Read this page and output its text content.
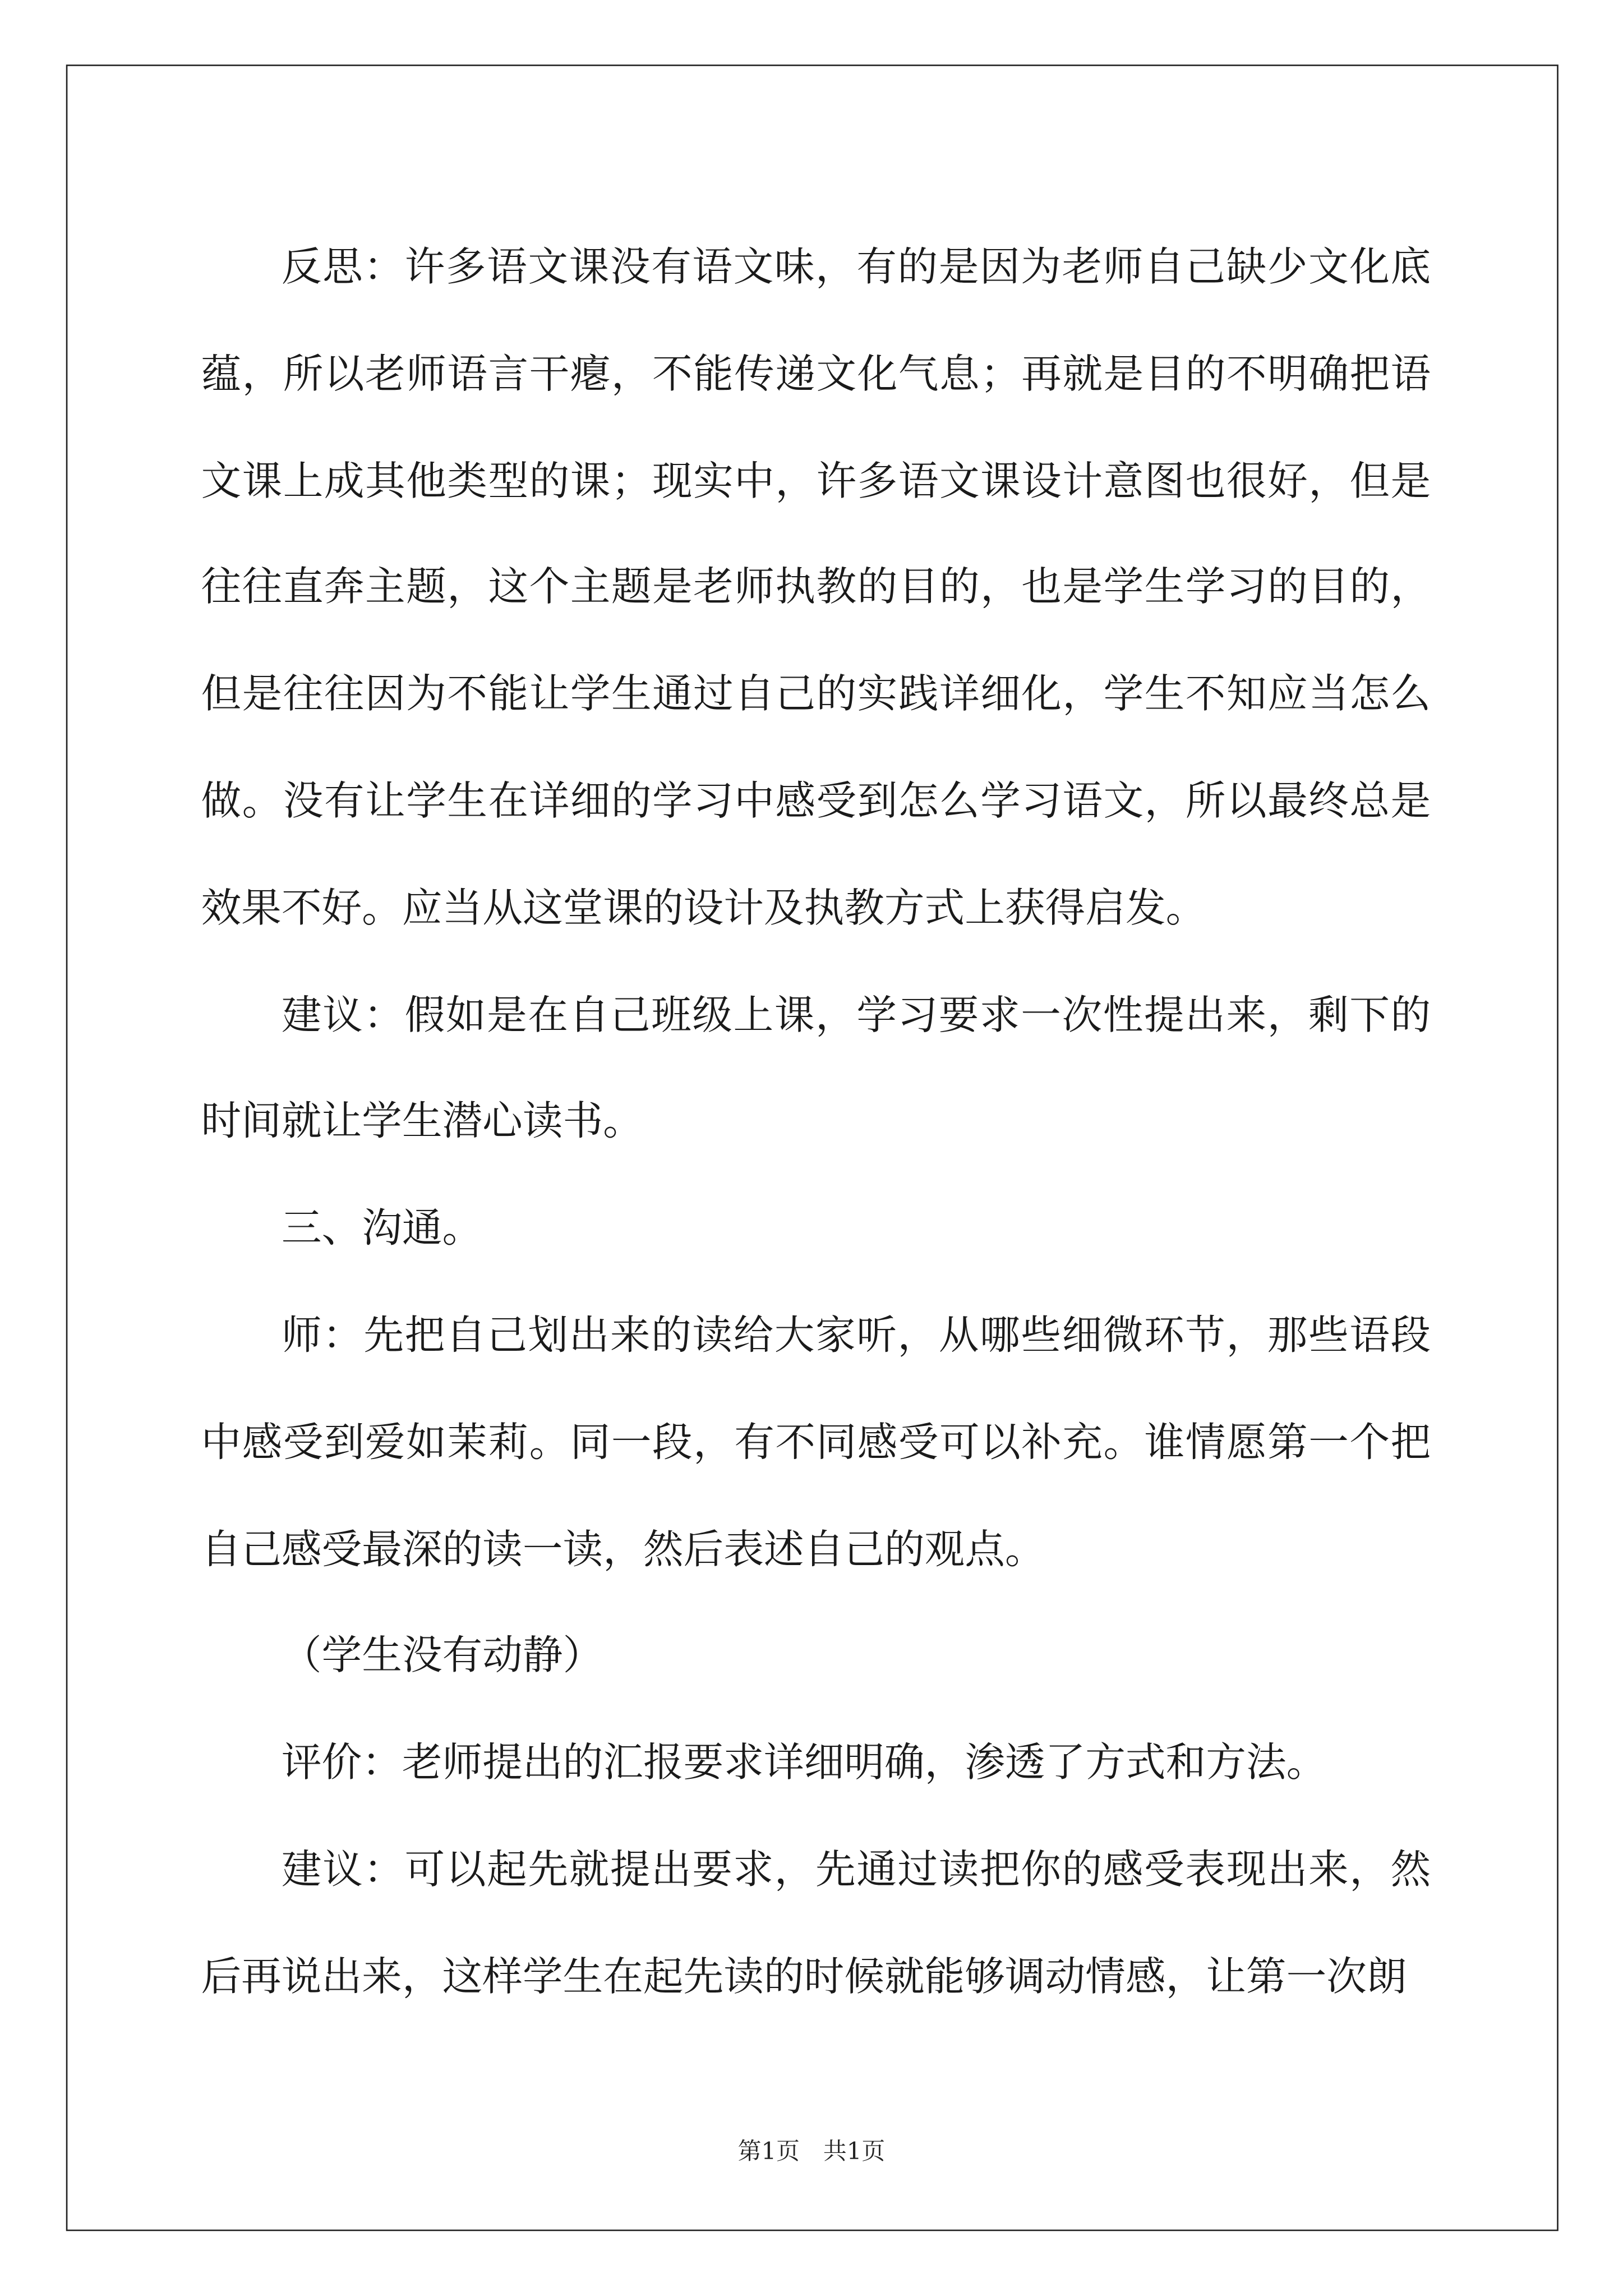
反思：许多语文课没有语文味，有的是因为老师自己缺少文化底蕴，所以老师语言干瘪，不能传递文化气息；再就是目的不明确把语文课上成其他类型的课；现实中，许多语文课设计意图也很好，但是往往直奔主题，这个主题是老师执教的目的，也是学生学习的目的，但是往往因为不能让学生通过自己的实践详细化，学生不知应当怎么做。没有让学生在详细的学习中感受到怎么学习语文，所以最终总是效果不好。应当从这堂课的设计及执教方式上获得启发。

建议：假如是在自己班级上课，学习要求一次性提出来，剩下的时间就让学生潜心读书。

三、沟通。

师：先把自己划出来的读给大家听，从哪些细微环节，那些语段中感受到爱如茉莉。同一段，有不同感受可以补充。谁情愿第一个把自己感受最深的读一读，然后表述自己的观点。

（学生没有动静）

评价：老师提出的汇报要求详细明确，渗透了方式和方法。

建议：可以起先就提出要求，先通过读把你的感受表现出来，然后再说出来，这样学生在起先读的时候就能够调动情感，让第一次朗

第1页　共1页
